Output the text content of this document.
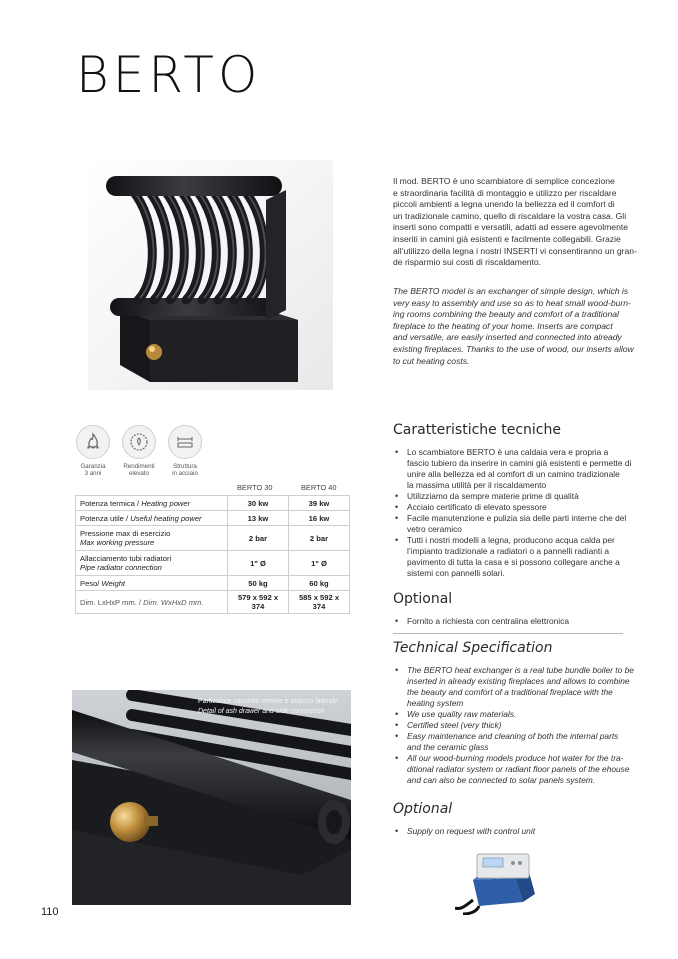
BERTO
Il mod. BERTO è uno scambiatore di semplice concezione
e straordinaria facilità di montaggio e utilizzo per riscaldare
piccoli ambienti a legna unendo la bellezza ed il comfort di
un tradizionale camino, quello di riscaldare la vostra casa. Gli
inserti sono compatti e versatili, adatti ad essere agevolmente
inseriti in camini già esistenti e facilmente collegabili. Grazie
all’utilizzo della legna i nostri INSERTI vi consentiranno un gran-
de risparmio sui costi di riscaldamento.
The BERTO model is an exchanger of simple design, which is
very easy to assembly and use so as to heat small wood-burn-
ing rooms combining the beauty and comfort of a traditional
fireplace to the heating of your home. Inserts are compact
and versatile, are easily inserted and connected into already
existing fireplaces. Thanks to the use of wood, our inserts allow
to cut heating costs.
★★★
Garanzia
3 anni
Rendimenti
elevato
Struttura
in acciaio
BERTO 30	BERTO 40
Potenza termica / Heating power	30 kw	39 kw
Potenza utile / Useful heating power	13 kw	16 kw

Pressione max di esercizio
Max working pressure	2 bar	2 bar

Allacciamento tubi radiatori
Pipe radiator connection	1" Ø	1" Ø
Peso/ Weight	50 kg	60 kg
Dim. LxHxP mm. / Dim. WxHxD mm.	579 x 592 x 374	585 x 592 x 374
Caratteristiche tecniche
• Lo scambiatore BERTO è una caldaia vera e propria a
fascio tubiero da inserire in camini già esistenti e permette di
unire alla bellezza ed al comfort di un camino tradizionale
la massima utilità per il riscaldamento
• Utilizziamo da sempre materie prime di qualità
• Acciaio certificato di elevato spessore
• Facile manutenzione e pulizia sia delle parti interne che del
vetro ceramico
• Tutti i nostri modelli a legna, producono acqua calda per
l’impianto tradizionale a radiatori o a pannelli radianti a
pavimento di tutta la casa e si possono collegare anche a
sistemi con pannelli solari.
Optional
• Fornito a richiesta con centralina elettronica
Technical Specification
• The BERTO heat exchanger is a real tube bundle boiler to be
inserted in already existing fireplaces and allows to combine
the beauty and comfort of a traditional fireplace with the
heating system
• We use quality raw materials.
• Certified steel (very thick)
• Easy maintenance and cleaning of both the internal parts
and the ceramic glass
• All our wood-burning models produce hot water for the tra-
ditional radiator system or radiant floor panels of the ehouse
and can also be connected to solar panels system.
Optional
• Supply on request with control unit
Particolare cassetto cenere e attacco laterale
Detail of ash drawer and side connection
110
